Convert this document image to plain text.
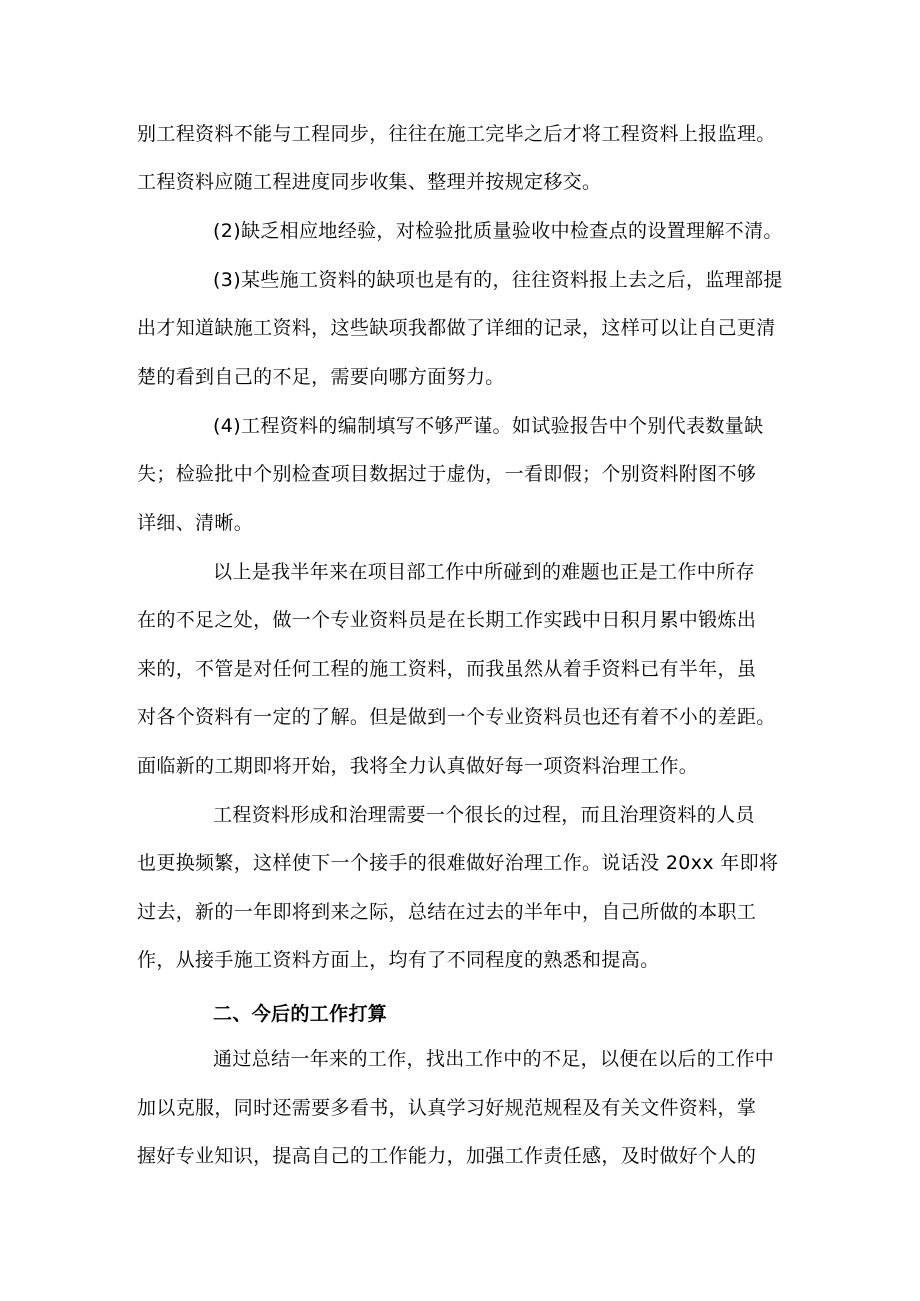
别工程资料不能与工程同步，往往在施工完毕之后才将工程资料上报监理。
工程资料应随工程进度同步收集、整理并按规定移交。
(2)缺乏相应地经验，对检验批质量验收中检查点的设置理解不清。
(3)某些施工资料的缺项也是有的，往往资料报上去之后，监理部提
出才知道缺施工资料，这些缺项我都做了详细的记录，这样可以让自己更清
楚的看到自己的不足，需要向哪方面努力。
(4)工程资料的编制填写不够严谨。如试验报告中个别代表数量缺
失；检验批中个别检查项目数据过于虚伪，一看即假；个别资料附图不够
详细、清晰。
以上是我半年来在项目部工作中所碰到的难题也正是工作中所存
在的不足之处，做一个专业资料员是在长期工作实践中日积月累中锻炼出
来的，不管是对任何工程的施工资料，而我虽然从着手资料已有半年，虽
对各个资料有一定的了解。但是做到一个专业资料员也还有着不小的差距。
面临新的工期即将开始，我将全力认真做好每一项资料治理工作。
工程资料形成和治理需要一个很长的过程，而且治理资料的人员
也更换频繁，这样使下一个接手的很难做好治理工作。说话没 20xx 年即将
过去，新的一年即将到来之际，总结在过去的半年中，自己所做的本职工
作，从接手施工资料方面上，均有了不同程度的熟悉和提高。
二、今后的工作打算
通过总结一年来的工作，找出工作中的不足，以便在以后的工作中
加以克服，同时还需要多看书，认真学习好规范规程及有关文件资料，掌
握好专业知识，提高自己的工作能力，加强工作责任感，及时做好个人的
